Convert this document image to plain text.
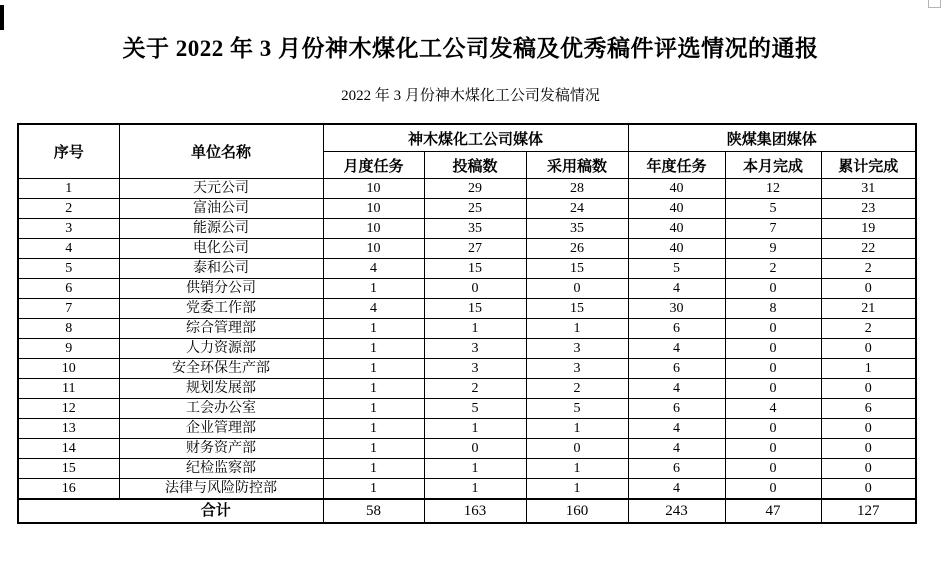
关于 2022 年 3 月份神木煤化工公司发稿及优秀稿件评选情况的通报
2022 年 3 月份神木煤化工公司发稿情况
序号	单位名称	神木煤化工公司媒体			陕煤集团媒体		
		月度任务	投稿数	采用稿数	年度任务	本月完成	累计完成
1	天元公司	10	29	28	40	12	31
2	富油公司	10	25	24	40	5	23
3	能源公司	10	35	35	40	7	19
4	电化公司	10	27	26	40	9	22
5	泰和公司	4	15	15	5	2	2
6	供销分公司	1	0	0	4	0	0
7	党委工作部	4	15	15	30	8	21
8	综合管理部	1	1	1	6	0	2
9	人力资源部	1	3	3	4	0	0
10	安全环保生产部	1	3	3	6	0	1
11	规划发展部	1	2	2	4	0	0
12	工会办公室	1	5	5	6	4	6
13	企业管理部	1	1	1	4	0	0
14	财务资产部	1	0	0	4	0	0
15	纪检监察部	1	1	1	6	0	0
16	法律与风险防控部	1	1	1	4	0	0
合计		58	163	160	243	47	127
